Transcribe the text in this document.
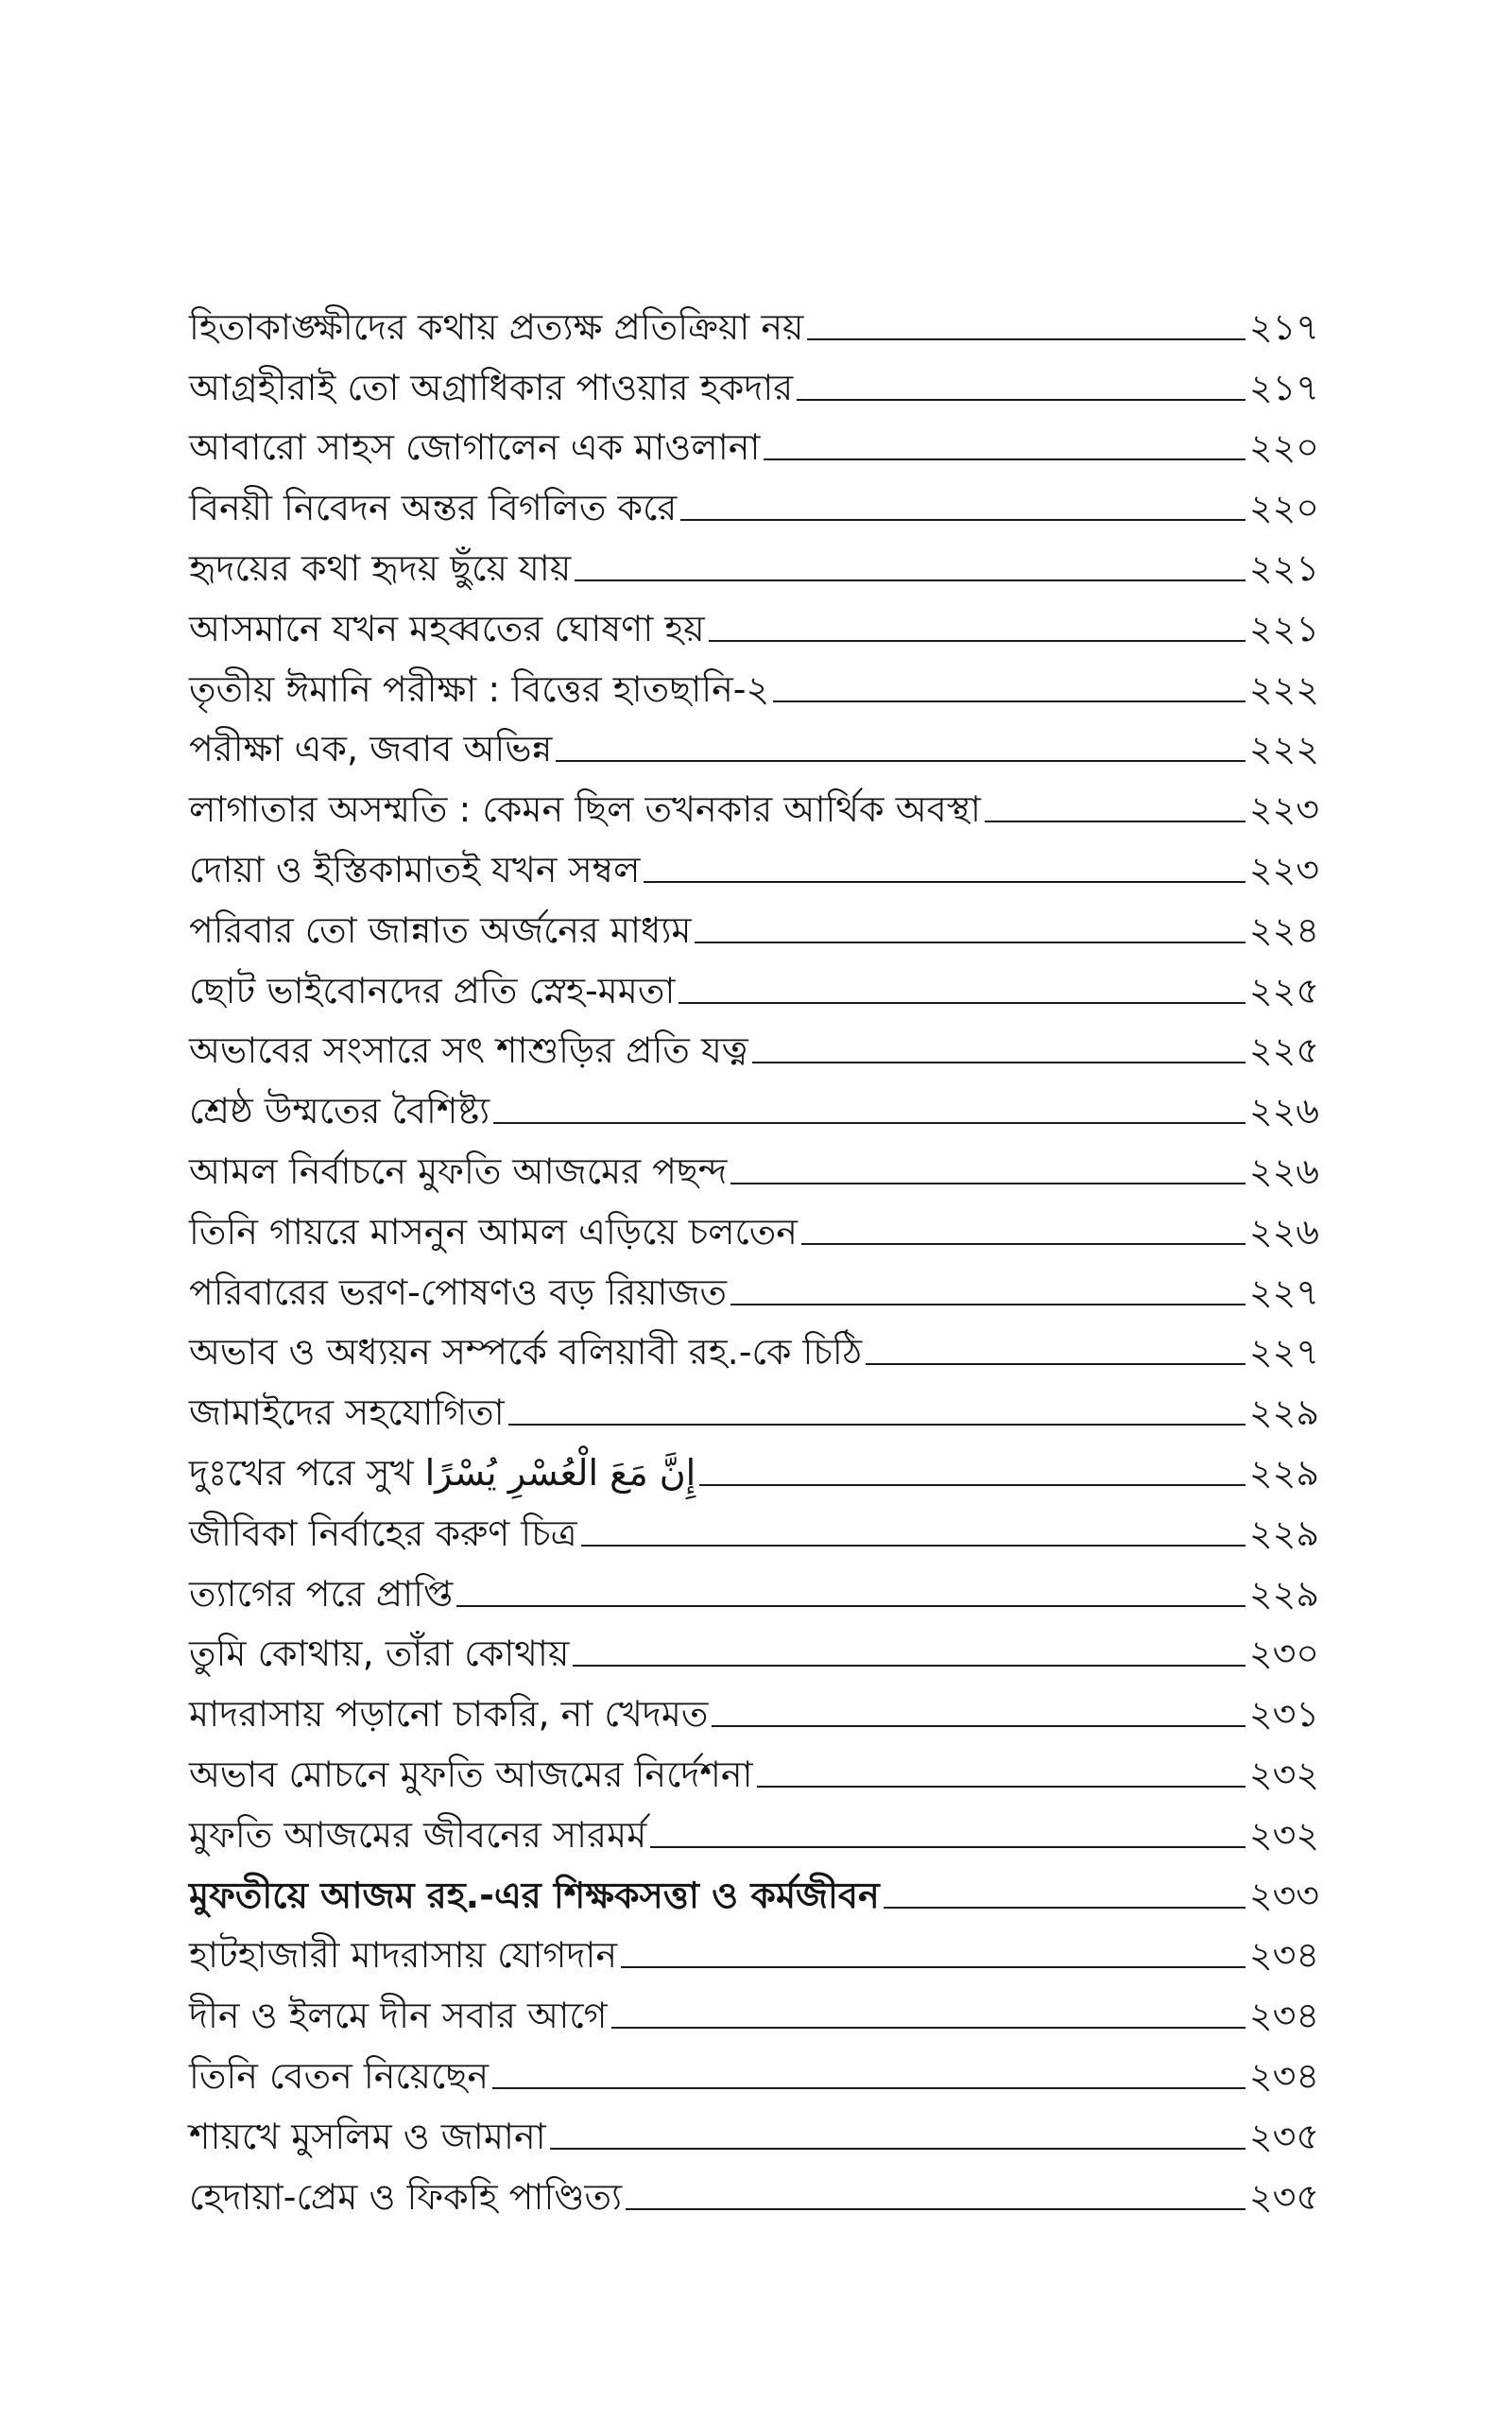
হিতাকাঙ্ক্ষীদের কথায় প্রত্যক্ষ প্রতিক্রিয়া নয়	২১৭
আগ্রহীরাই তো অগ্রাধিকার পাওয়ার হকদার	২১৭
আবারো সাহস জোগালেন এক মাওলানা	২২০
বিনয়ী নিবেদন অন্তর বিগলিত করে	২২০
হৃদয়ের কথা হৃদয় ছুঁয়ে যায়	২২১
আসমানে যখন মহব্বতের ঘোষণা হয়	২২১
তৃতীয় ঈমানি পরীক্ষা : বিত্তের হাতছানি-২	২২২
পরীক্ষা এক, জবাব অভিন্ন	২২২
লাগাতার অসম্মতি : কেমন ছিল তখনকার আর্থিক অবস্থা	২২৩
দোয়া ও ইস্তিকামাতই যখন সম্বল	২২৩
পরিবার তো জান্নাত অর্জনের মাধ্যম	২২৪
ছোট ভাইবোনদের প্রতি স্নেহ-মমতা	২২৫
অভাবের সংসারে সৎ শাশুড়ির প্রতি যত্ন	২২৫
শ্রেষ্ঠ উম্মতের বৈশিষ্ট্য	২২৬
আমল নির্বাচনে মুফতি আজমের পছন্দ	২২৬
তিনি গায়রে মাসনুন আমল এড়িয়ে চলতেন	২২৬
পরিবারের ভরণ-পোষণও বড় রিয়াজত	২২৭
অভাব ও অধ্যয়ন সম্পর্কে বলিয়াবী রহ.-কে চিঠি	২২৭
জামাইদের সহযোগিতা	২২৯
দুঃখের পরে সুখ إِنَّ مَعَ الْعُسْرِ يُسْرًا	২২৯
জীবিকা নির্বাহের করুণ চিত্র	২২৯
ত্যাগের পরে প্রাপ্তি	২২৯
তুমি কোথায়, তাঁরা কোথায়	২৩০
মাদরাসায় পড়ানো চাকরি, না খেদমত	২৩১
অভাব মোচনে মুফতি আজমের নির্দেশনা	২৩২
মুফতি আজমের জীবনের সারমর্ম	২৩২
মুফতীয়ে আজম রহ.-এর শিক্ষকসত্তা ও কর্মজীবন	২৩৩
হাটহাজারী মাদরাসায় যোগদান	২৩৪
দীন ও ইলমে দীন সবার আগে	২৩৪
তিনি বেতন নিয়েছেন	২৩৪
শায়খে মুসলিম ও জামানা	২৩৫
হেদায়া-প্রেম ও ফিকহি পাণ্ডিত্য	২৩৫
